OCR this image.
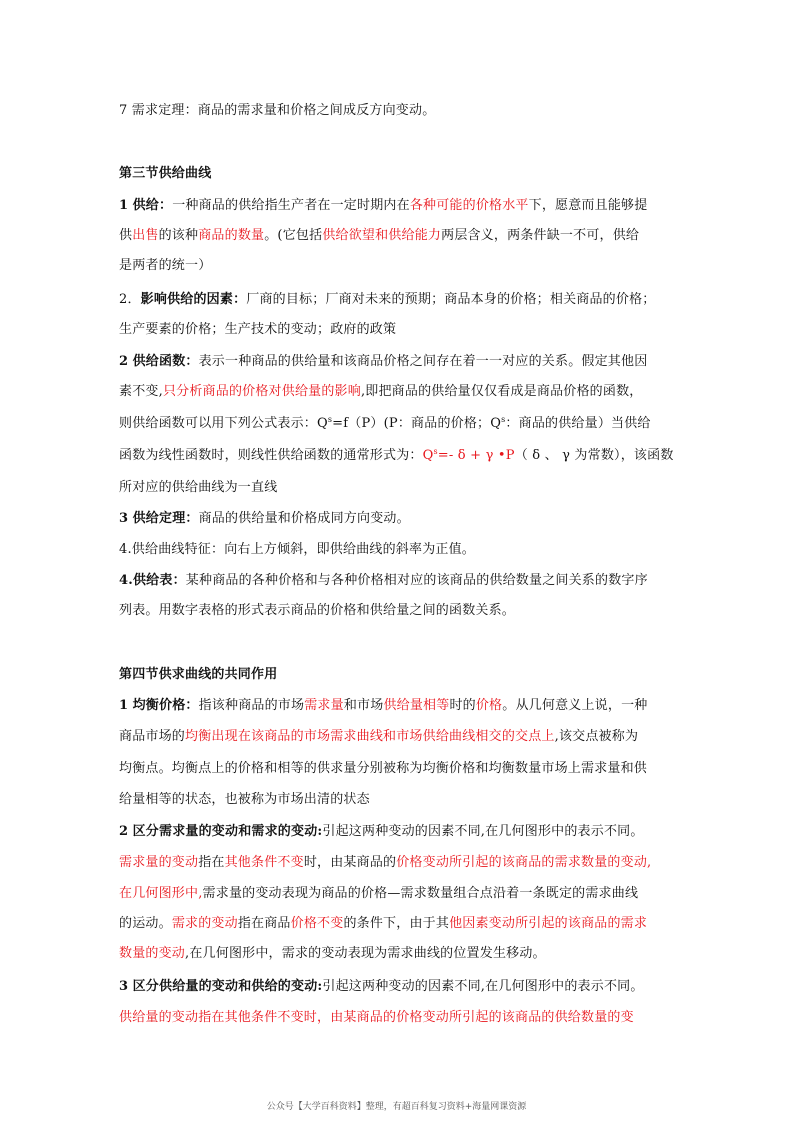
7 需求定理：商品的需求量和价格之间成反方向变动。
第三节供给曲线
1 供给：一种商品的供给指生产者在一定时期内在各种可能的价格水平下，愿意而且能够提
供出售的该种商品的数量。(它包括供给欲望和供给能力两层含义，两条件缺一不可，供给
是两者的统一）
2．影响供给的因素：厂商的目标；厂商对未来的预期；商品本身的价格；相关商品的价格；
生产要素的价格；生产技术的变动；政府的政策
2 供给函数：表示一种商品的供给量和该商品价格之间存在着一一对应的关系。假定其他因
素不变,只分析商品的价格对供给量的影响,即把商品的供给量仅仅看成是商品价格的函数，
则供给函数可以用下列公式表示：$Q^s=f(P)(P$：商品的价格；$Q^s$：商品的供给量）当供给
函数为线性函数时，则线性供给函数的通常形式为：$Q^s=-$ δ + γ •P（ δ 、 γ 为常数），该函数
所对应的供给曲线为一直线
3 供给定理：商品的供给量和价格成同方向变动。
4.供给曲线特征：向右上方倾斜，即供给曲线的斜率为正值。
4.供给表：某种商品的各种价格和与各种价格相对应的该商品的供给数量之间关系的数字序
列表。用数字表格的形式表示商品的价格和供给量之间的函数关系。
第四节供求曲线的共同作用
1 均衡价格：指该种商品的市场需求量和市场供给量相等时的价格。从几何意义上说，一种
商品市场的均衡出现在该商品的市场需求曲线和市场供给曲线相交的交点上,该交点被称为
均衡点。均衡点上的价格和相等的供求量分别被称为均衡价格和均衡数量市场上需求量和供
给量相等的状态，也被称为市场出清的状态
2 区分需求量的变动和需求的变动:引起这两种变动的因素不同,在几何图形中的表示不同。
需求量的变动指在其他条件不变时，由某商品的价格变动所引起的该商品的需求数量的变动,
在几何图形中,需求量的变动表现为商品的价格—需求数量组合点沿着一条既定的需求曲线
的运动。需求的变动指在商品价格不变的条件下，由于其他因素变动所引起的该商品的需求
数量的变动,在几何图形中，需求的变动表现为需求曲线的位置发生移动。
3 区分供给量的变动和供给的变动:引起这两种变动的因素不同,在几何图形中的表示不同。
供给量的变动指在其他条件不变时，由某商品的价格变动所引起的该商品的供给数量的变
公众号【大学百科资料】整理，有超百科复习资料+海量网课资源
